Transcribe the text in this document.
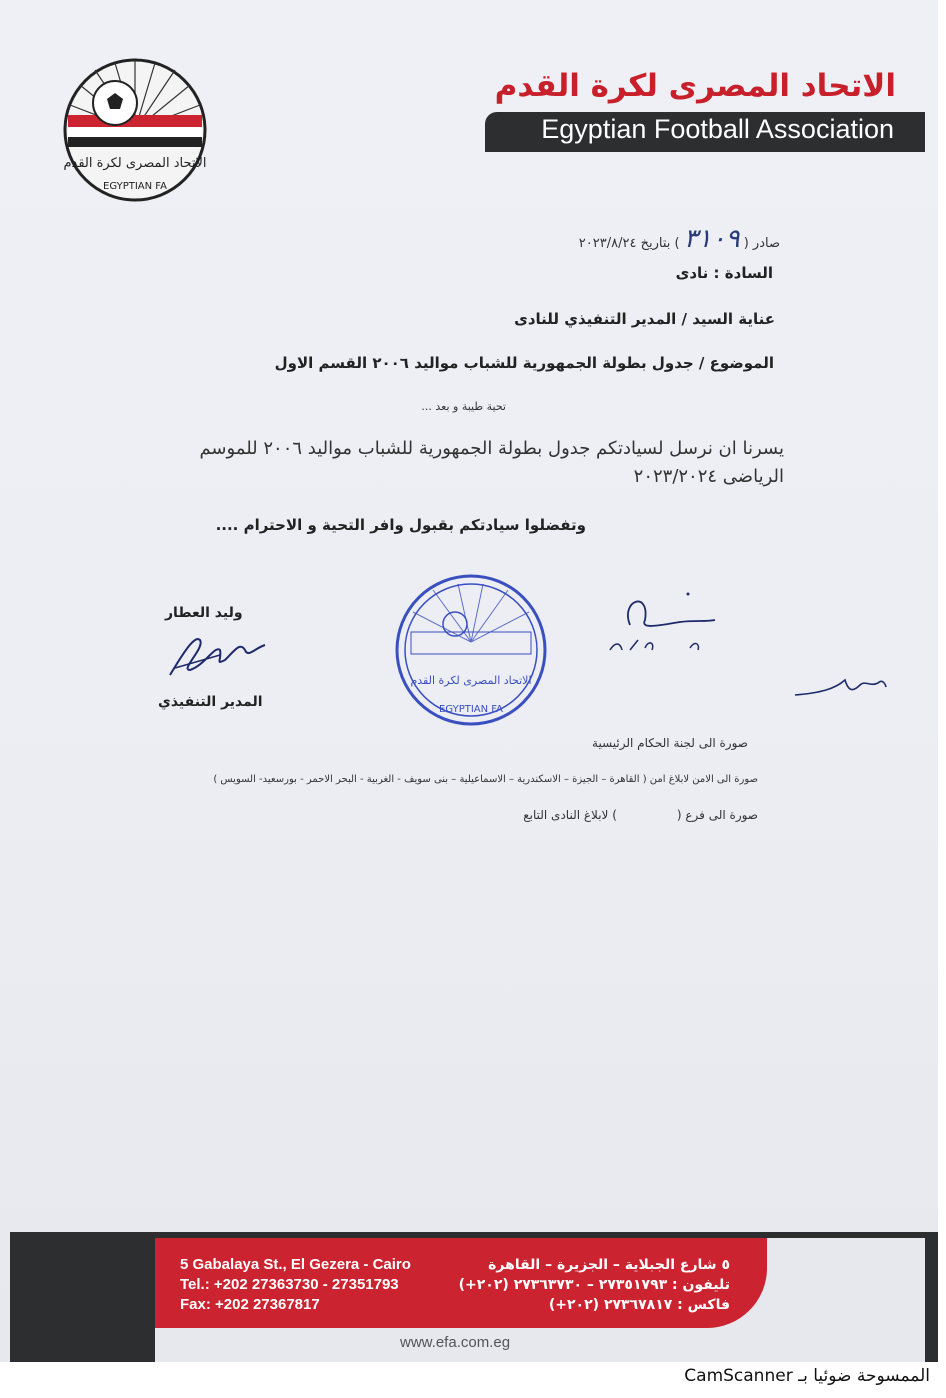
الاتحاد المصرى لكرة القدم
EGYPTIAN FA
الاتحاد المصرى لكرة القدم
Egyptian Football Association
صادر ( ٣١٠٩ ) بتاريخ ٢٠٢٣/٨/٢٤
السادة : نادى
عناية السيد / المدير التنفيذي للنادى
الموضوع / جدول بطولة الجمهورية للشباب مواليد ٢٠٠٦ القسم الاول
تحية طيبة و بعد ...
يسرنا ان نرسل لسيادتكم جدول بطولة الجمهورية للشباب مواليد ٢٠٠٦ للموسم الرياضى ٢٠٢٣/٢٠٢٤
وتفضلوا سيادتكم بقبول وافر التحية و الاحترام ....
وليد العطار
المدير التنفيذي
الاتحاد المصرى لكرة القدم
EGYPTIAN FA
صورة الى لجنة الحكام الرئيسية
صورة الى الامن لابلاغ امن ( القاهرة – الجيزة – الاسكندرية – الاسماعيلية – بنى سويف - الغربية - البحر الاحمر - بورسعيد- السويس )
صورة الى فرع () لابلاغ النادى التابع
5 Gabalaya St., El Gezera - Cairo
Tel.: +202 27363730 - 27351793
Fax: +202 27367817
٥ شارع الجبلاية – الجزيرة – القاهرة
تليفون : ٢٧٣٥١٧٩٣ – ٢٧٣٦٣٧٣٠ (٢٠٢+)
فاكس : ٢٧٣٦٧٨١٧ (٢٠٢+)
www.efa.com.eg
الممسوحة ضوئيا بـ CamScanner
